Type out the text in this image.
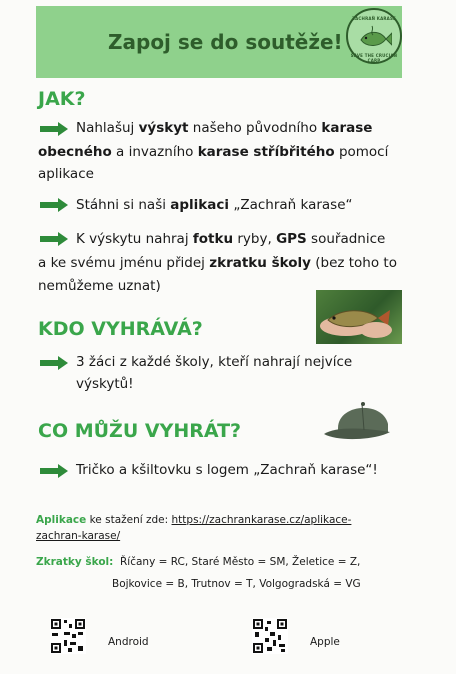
Zapoj se do soutěže!
ZACHRAŇ KARASE
SAVE THE CRUCIAN CARP
JAK?
Nahlašuj výskyt našeho původního karase
obecného a invazního karase stříbřitého pomocí
aplikace
Stáhni si naši aplikaci „Zachraň karase“
K výskytu nahraj fotku ryby, GPS souřadnice
a ke svému jménu přidej zkratku školy (bez toho to
nemůžeme uznat)
KDO VYHRÁVÁ?
3 žáci z každé školy, kteří nahrají nejvíce
výskytů!
CO MŮŽU VYHRÁT?
Tričko a kšiltovku s logem „Zachraň karase“!
Aplikace ke stažení zde: https://zachrankarase.cz/aplikace-
zachran-karase/
Zkratky škol: Říčany = RC, Staré Město = SM, Želetice = Z,
Bojkovice = B, Trutnov = T, Volgogradská = VG
Android	Apple
